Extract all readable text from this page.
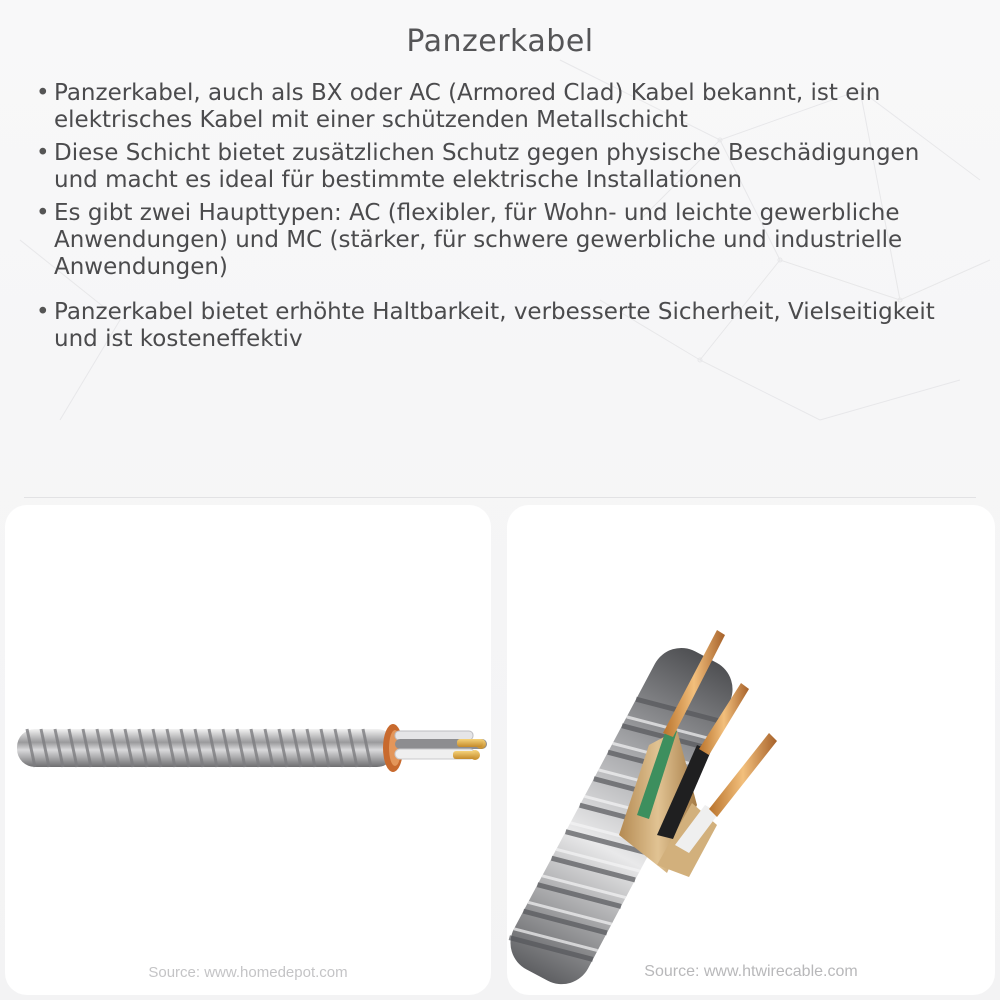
Panzerkabel
• Panzerkabel, auch als BX oder AC (Armored Clad) Kabel bekannt, ist ein elektrisches Kabel mit einer schützenden Metallschicht
• Diese Schicht bietet zusätzlichen Schutz gegen physische Beschädigungen und macht es ideal für bestimmte elektrische Installationen
• Es gibt zwei Haupttypen: AC (flexibler, für Wohn- und leichte gewerbliche Anwendungen) und MC (stärker, für schwere gewerbliche und industrielle Anwendungen)
• Panzerkabel bietet erhöhte Haltbarkeit, verbesserte Sicherheit, Vielseitigkeit und ist kosteneffektiv
Source: www.homedepot.com	Source: www.htwirecable.com
